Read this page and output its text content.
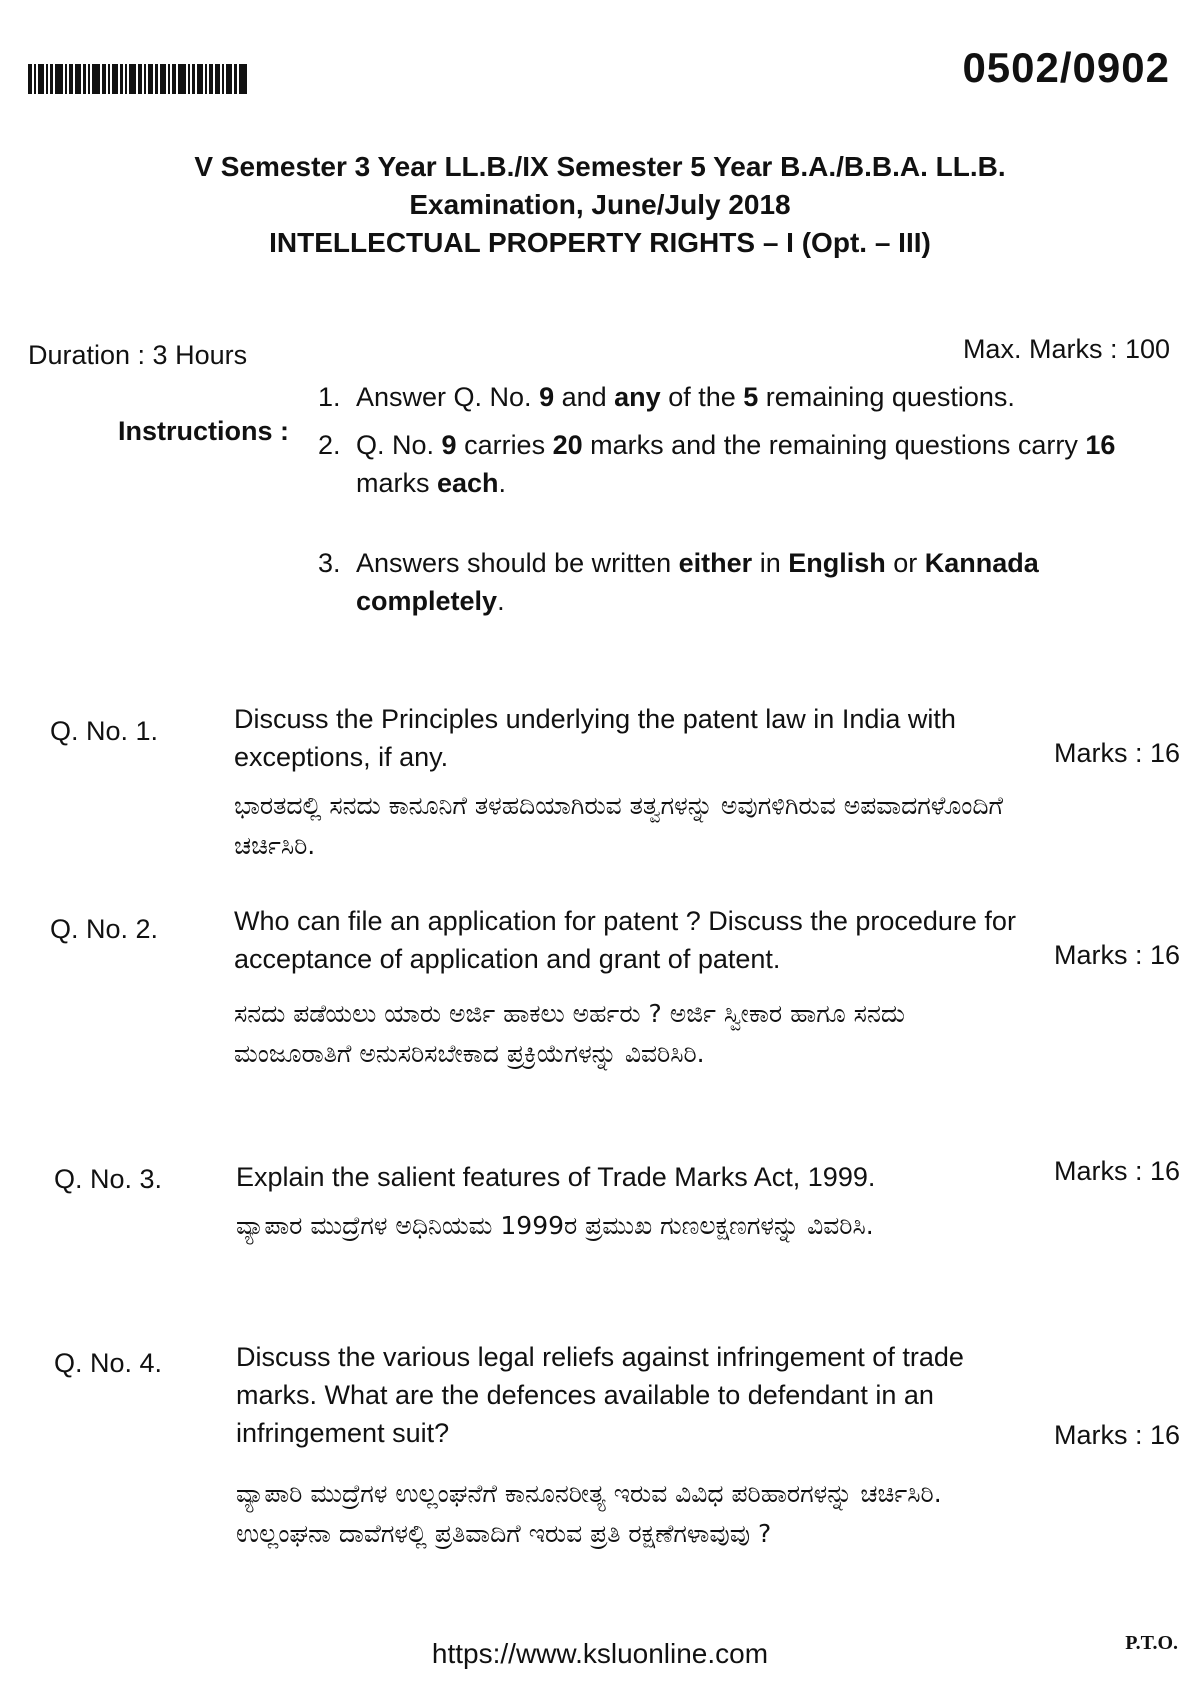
0502/0902
V Semester 3 Year LL.B./IX Semester 5 Year B.A./B.B.A. LL.B.
Examination, June/July 2018
INTELLECTUAL PROPERTY RIGHTS – I (Opt. – III)
Duration : 3 Hours	Max. Marks : 100
Instructions :
1. Answer Q. No. 9 and any of the 5 remaining questions.
2. Q. No. 9 carries 20 marks and the remaining questions carry 16 marks each.
3. Answers should be written either in English or Kannada completely.
Q. No. 1.	Discuss the Principles underlying the patent law in India with exceptions, if any.	Marks : 16
ಭಾರತದಲ್ಲಿ ಸನದು ಕಾನೂನಿಗೆ ತಳಹದಿಯಾಗಿರುವ ತತ್ವಗಳನ್ನು ಅವುಗಳಿಗಿರುವ ಅಪವಾದಗಳೊಂದಿಗೆ ಚರ್ಚಿಸಿರಿ.
Q. No. 2.	Who can file an application for patent ? Discuss the procedure for acceptance of application and grant of patent.	Marks : 16
ಸನದು ಪಡೆಯಲು ಯಾರು ಅರ್ಜಿ ಹಾಕಲು ಅರ್ಹರು ? ಅರ್ಜಿ ಸ್ವೀಕಾರ ಹಾಗೂ ಸನದು ಮಂಜೂರಾತಿಗೆ ಅನುಸರಿಸಬೇಕಾದ ಪ್ರಕ್ರಿಯೆಗಳನ್ನು ವಿವರಿಸಿರಿ.
Q. No. 3.	Explain the salient features of Trade Marks Act, 1999.	Marks : 16
ವ್ಯಾಪಾರ ಮುದ್ರೆಗಳ ಅಧಿನಿಯಮ 1999ರ ಪ್ರಮುಖ ಗುಣಲಕ್ಷಣಗಳನ್ನು ವಿವರಿಸಿ.
Q. No. 4.	Discuss the various legal reliefs against infringement of trade marks. What are the defences available to defendant in an infringement suit?	Marks : 16
ವ್ಯಾಪಾರಿ ಮುದ್ರೆಗಳ ಉಲ್ಲಂಘನೆಗೆ ಕಾನೂನರೀತ್ಯ ಇರುವ ವಿವಿಧ ಪರಿಹಾರಗಳನ್ನು ಚರ್ಚಿಸಿರಿ. ಉಲ್ಲಂಘನಾ ದಾವೆಗಳಲ್ಲಿ ಪ್ರತಿವಾದಿಗೆ ಇರುವ ಪ್ರತಿ ರಕ್ಷಣೆಗಳಾವುವು ?
https://www.ksluonline.com	P.T.O.
